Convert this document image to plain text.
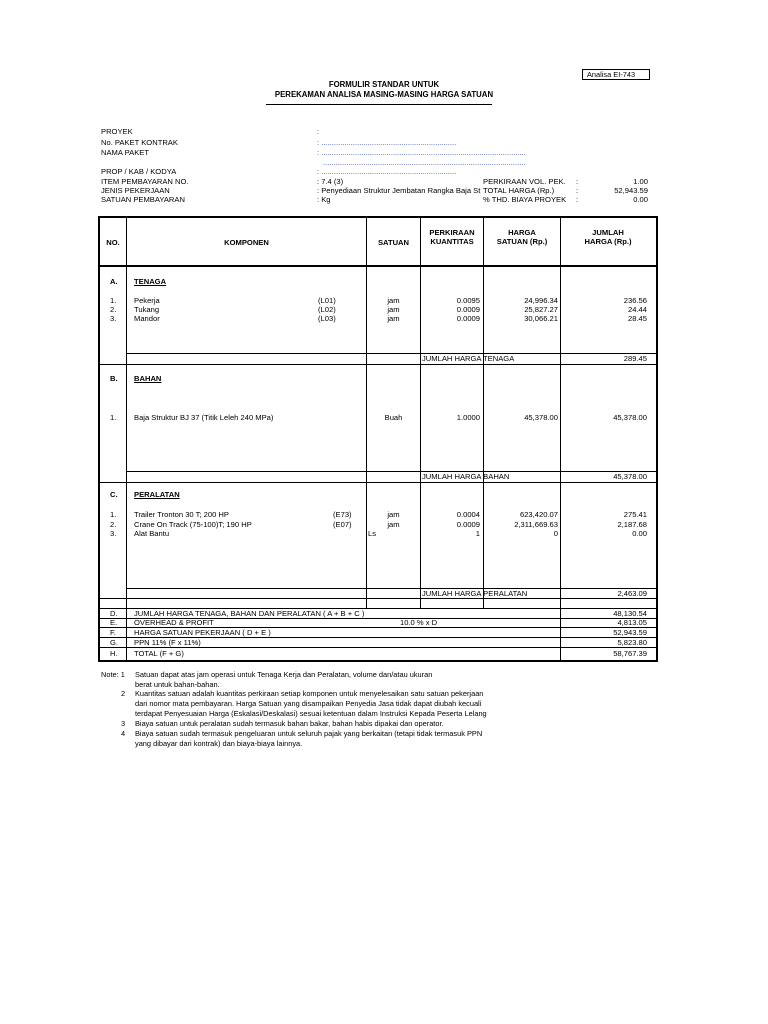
Analisa EI-743
FORMULIR STANDAR UNTUK
PEREKAMAN ANALISA MASING-MASING HARGA SATUAN
PROYEK	:
No. PAKET KONTRAK	: ................................................................
NAMA PAKET	: .................................................................................................
................................................................................................
PROP / KAB / KODYA	: ................................................................
ITEM PEMBAYARAN NO.	: 7.4 (3)
JENIS PEKERJAAN	: Penyediaan Struktur Jembatan Rangka Baja St
SATUAN PEMBAYARAN	: Kg
PERKIRAAN VOL. PEK. :	1.00
TOTAL HARGA (Rp.)	:	52,943.59
% THD. BIAYA PROYEK :	0.00
NO.	KOMPONEN	SATUAN
PERKIRAAN KUANTITAS
HARGA SATUAN (Rp.)
JUMLAH HARGA (Rp.)
A. TENAGA
1. Pekerja	(L01)	jam	0.0095	24,996.34	236.56
2. Tukang	(L02)	jam	0.0009	25,827.27	24.44
3. Mandor	(L03)	jam	0.0009	30,066.21	28.45
JUMLAH HARGA TENAGA	289.45
B. BAHAN
1. Baja Struktur BJ 37 (Titik Leleh 240 MPa)	Buah	1.0000	45,378.00	45,378.00
JUMLAH HARGA BAHAN	45,378.00
C. PERALATAN
1. Trailer Tronton 30 T; 200 HP	(E73)	jam	0.0004	623,420.07	275.41
2. Crane On Track (75-100)T; 190 HP	(E07)	jam	0.0009	2,311,669.63	2,187.68
3. Alat Bantu	Ls	1	0	0.00
JUMLAH HARGA PERALATAN	2,463.09
D. JUMLAH HARGA TENAGA, BAHAN DAN PERALATAN ( A + B + C )	48,130.54
E. OVERHEAD & PROFIT	10.0 % x D	4,813.05
F. HARGA SATUAN PEKERJAAN ( D + E )	52,943.59
G. PPN 11% (F x 11%)	5,823.80
H. TOTAL (F + G)	58,767.39
Note: 1 Satuan dapat atas jam operasi untuk Tenaga Kerja dan Peralatan, volume dan/atau ukuran
berat untuk bahan-bahan.
2 Kuantitas satuan adalah kuantitas perkiraan setiap komponen untuk menyelesaikan satu satuan pekerjaan
dari nomor mata pembayaran. Harga Satuan yang disampaikan Penyedia Jasa tidak dapat diubah kecuali
terdapat Penyesuaian Harga (Eskalasi/Deskalasi) sesuai ketentuan dalam Instruksi Kepada Peserta Lelang
3 Biaya satuan untuk peralatan sudah termasuk bahan bakar, bahan habis dipakai dan operator.
4 Biaya satuan sudah termasuk pengeluaran untuk seluruh pajak yang berkaitan (tetapi tidak termasuk PPN
yang dibayar dari kontrak) dan biaya-biaya lainnya.
